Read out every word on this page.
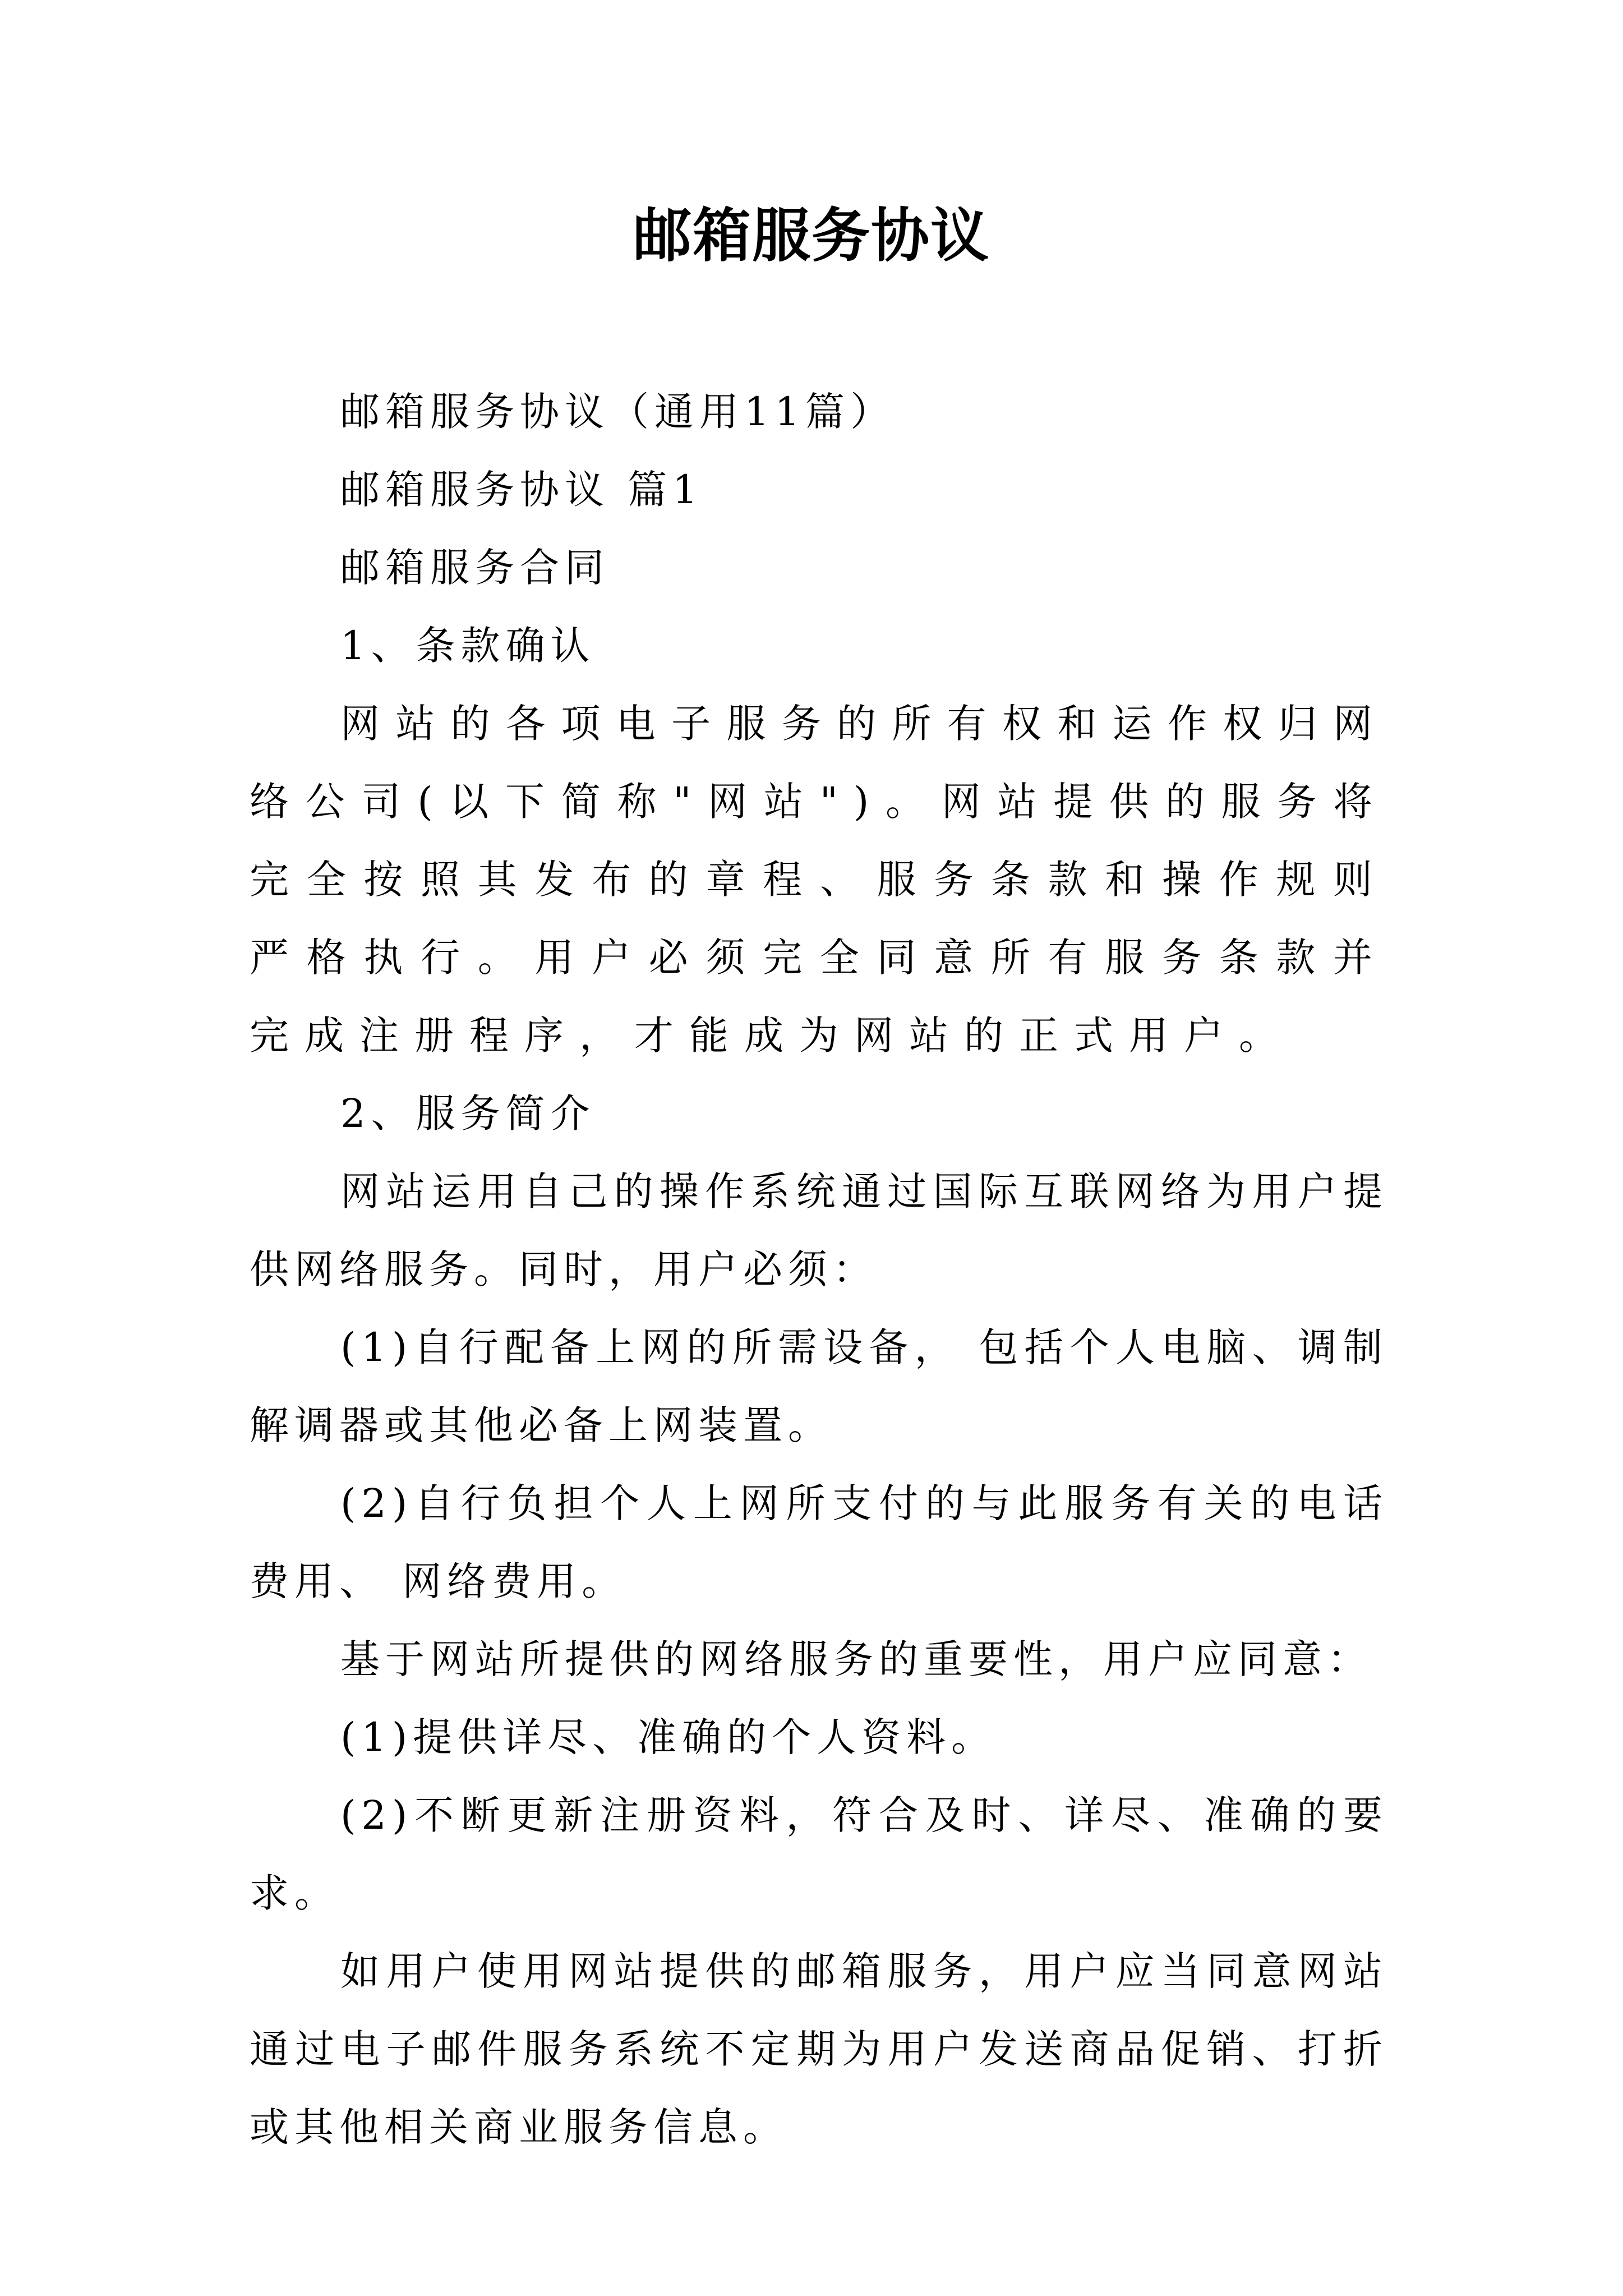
邮箱服务协议

邮箱服务协议（通用11篇）

邮箱服务协议 篇1

邮箱服务合同

1、条款确认

网站的各项电子服务的所有权和运作权归网络公司(以下简称"网站")。网站提供的服务将完全按照其发布的章程、服务条款和操作规则严格执行。用户必须完全同意所有服务条款并完成注册程序，才能成为网站的正式用户。

2、服务简介

网站运用自己的操作系统通过国际互联网络为用户提供网络服务。同时，用户必须：

(1)自行配备上网的所需设备， 包括个人电脑、调制解调器或其他必备上网装置。

(2)自行负担个人上网所支付的与此服务有关的电话费用、 网络费用。

基于网站所提供的网络服务的重要性，用户应同意：

(1)提供详尽、准确的个人资料。

(2)不断更新注册资料，符合及时、详尽、准确的要求。

如用户使用网站提供的邮箱服务，用户应当同意网站通过电子邮件服务系统不定期为用户发送商品促销、打折或其他相关商业服务信息。
